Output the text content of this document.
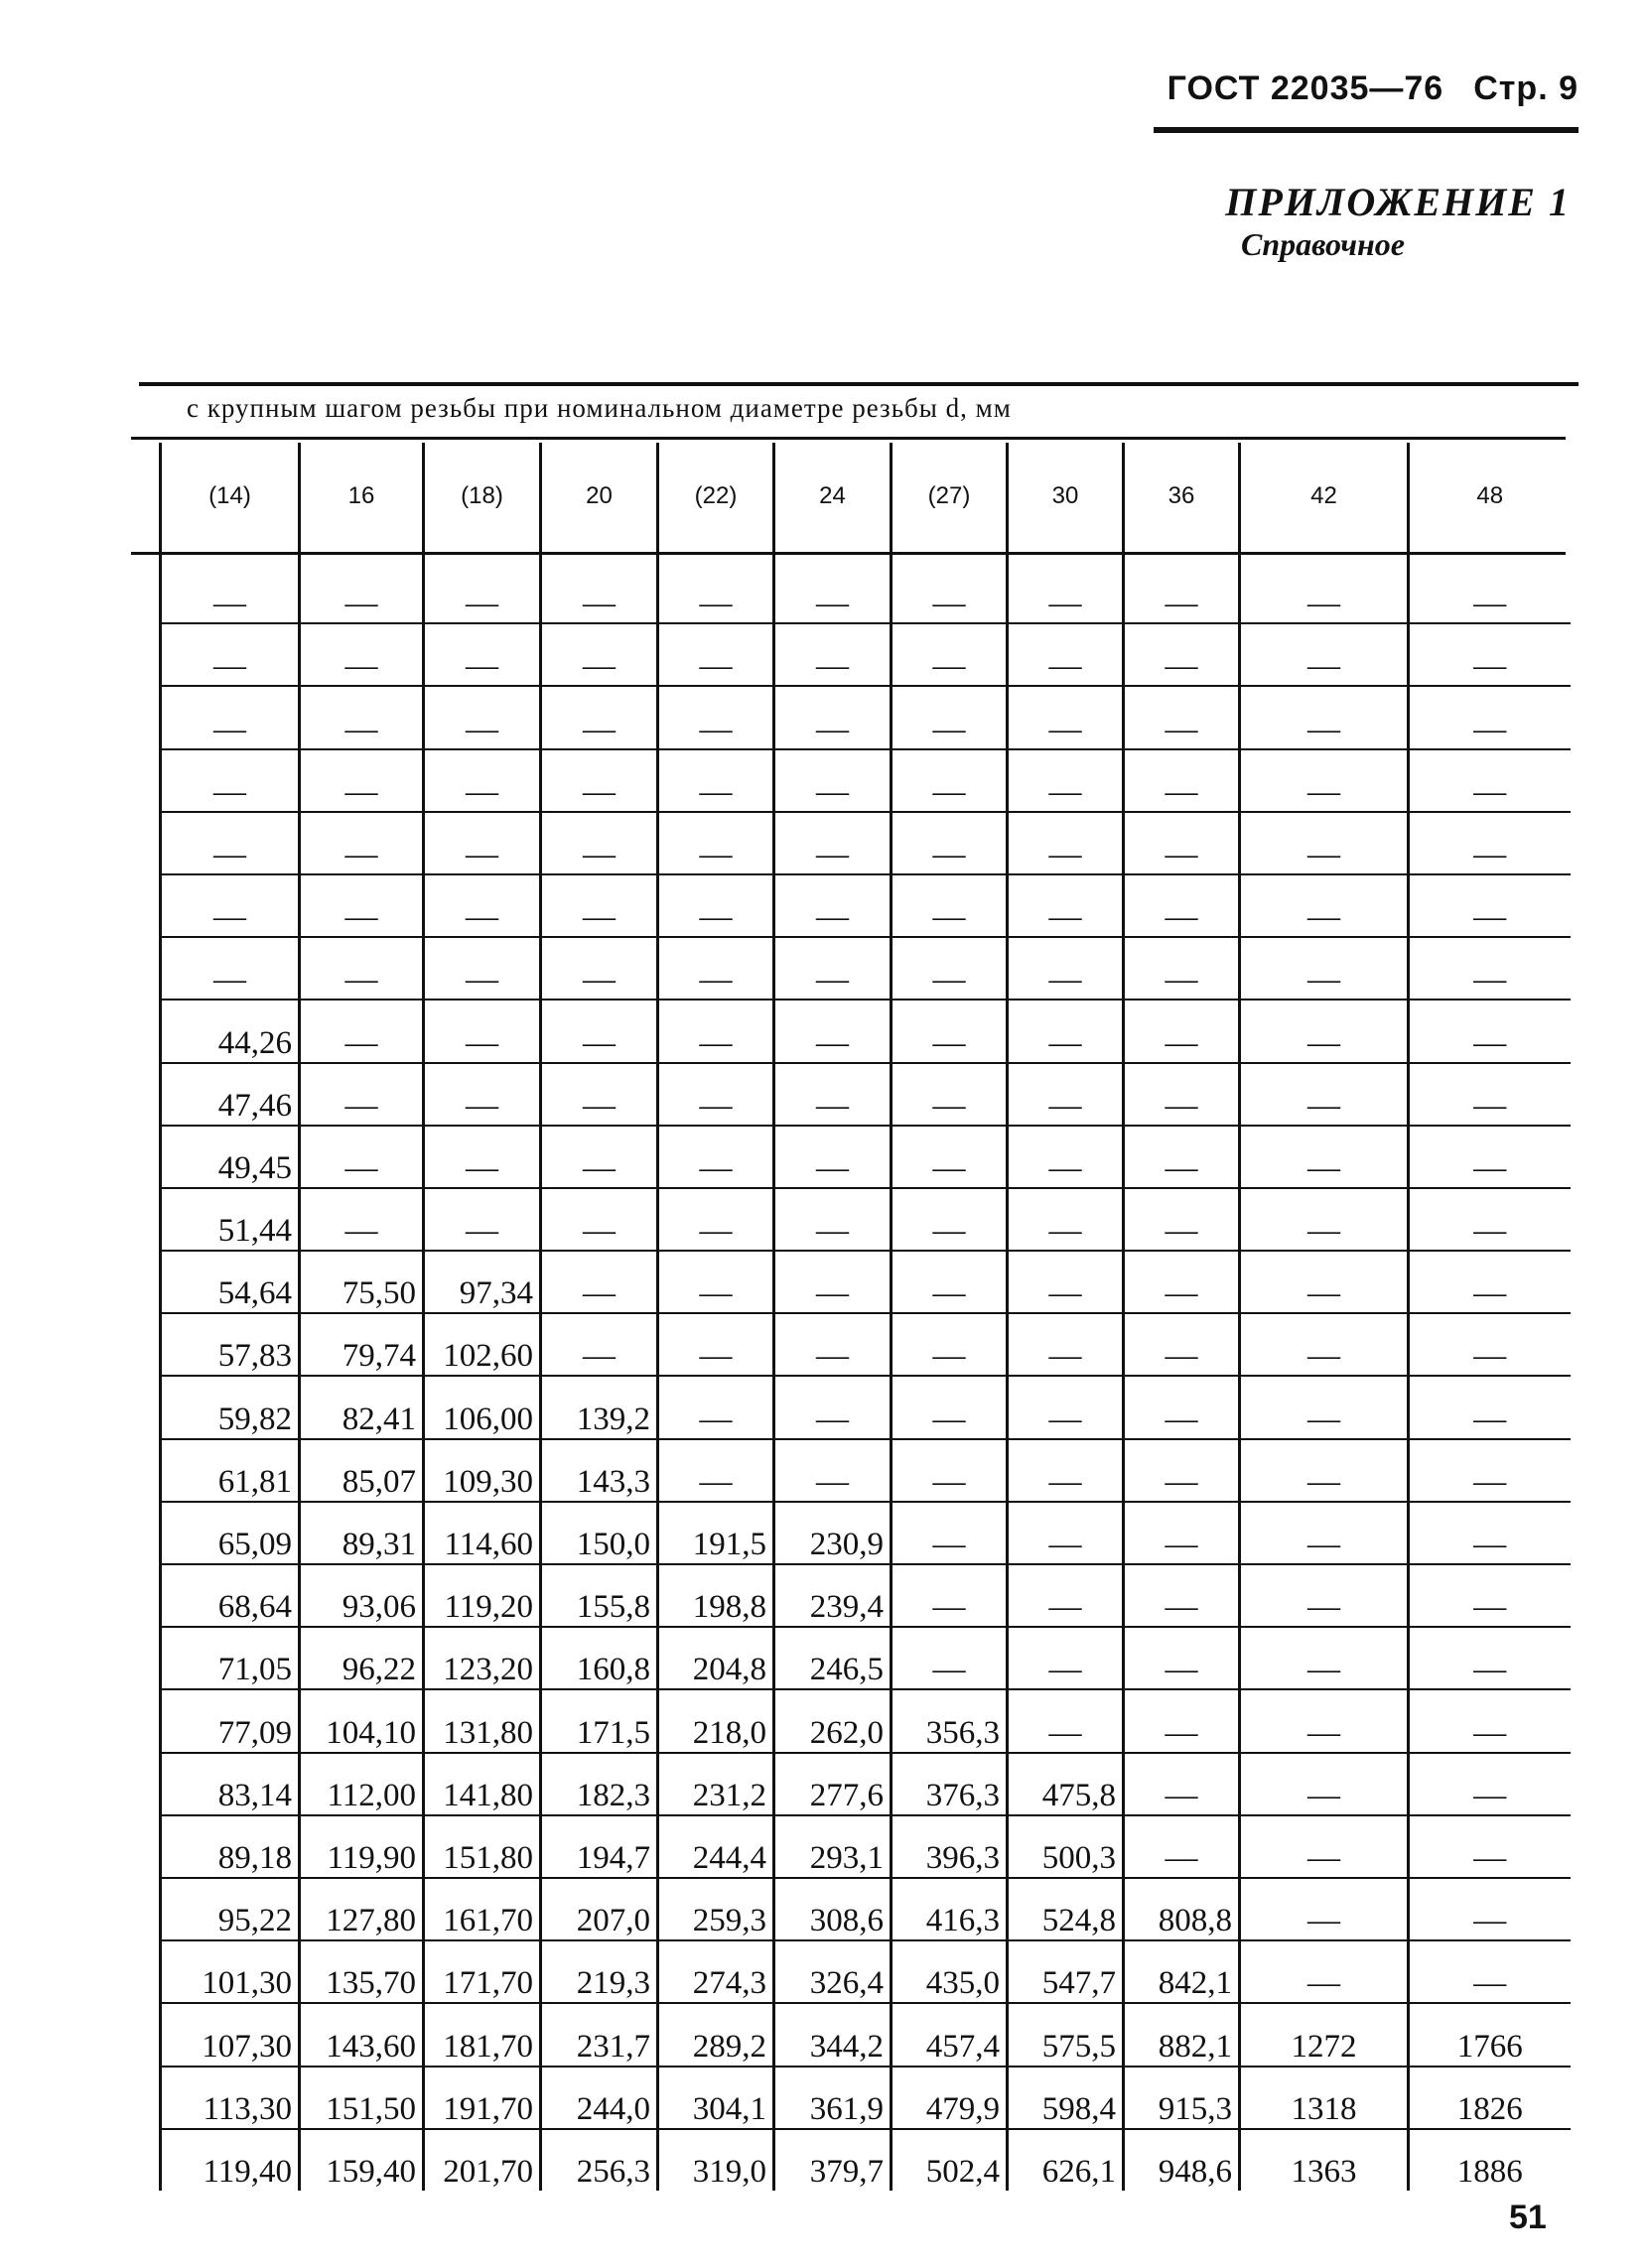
ГОСТ 22035—76 Стр. 9
ПРИЛОЖЕНИЕ 1
Справочное
с крупным шагом резьбы при номинальном диаметре резьбы d, мм
(14)	16	(18)	20	(22)	24	(27)	30	36	42	48

—	—	—	—	—	—	—	—	—	—	—
—	—	—	—	—	—	—	—	—	—	—
—	—	—	—	—	—	—	—	—	—	—
—	—	—	—	—	—	—	—	—	—	—
—	—	—	—	—	—	—	—	—	—	—
—	—	—	—	—	—	—	—	—	—	—
—	—	—	—	—	—	—	—	—	—	—
44,26	—	—	—	—	—	—	—	—	—	—
47,46	—	—	—	—	—	—	—	—	—	—
49,45	—	—	—	—	—	—	—	—	—	—
51,44	—	—	—	—	—	—	—	—	—	—
54,64	75,50	97,34	—	—	—	—	—	—	—	—
57,83	79,74	102,60	—	—	—	—	—	—	—	—
59,82	82,41	106,00	139,2	—	—	—	—	—	—	—
61,81	85,07	109,30	143,3	—	—	—	—	—	—	—
65,09	89,31	114,60	150,0	191,5	230,9	—	—	—	—	—
68,64	93,06	119,20	155,8	198,8	239,4	—	—	—	—	—
71,05	96,22	123,20	160,8	204,8	246,5	—	—	—	—	—
77,09	104,10	131,80	171,5	218,0	262,0	356,3	—	—	—	—
83,14	112,00	141,80	182,3	231,2	277,6	376,3	475,8	—	—	—
89,18	119,90	151,80	194,7	244,4	293,1	396,3	500,3	—	—	—
95,22	127,80	161,70	207,0	259,3	308,6	416,3	524,8	808,8	—	—
101,30	135,70	171,70	219,3	274,3	326,4	435,0	547,7	842,1	—	—
107,30	143,60	181,70	231,7	289,2	344,2	457,4	575,5	882,1	1272	1766
113,30	151,50	191,70	244,0	304,1	361,9	479,9	598,4	915,3	1318	1826
119,40	159,40	201,70	256,3	319,0	379,7	502,4	626,1	948,6	1363	1886
51
